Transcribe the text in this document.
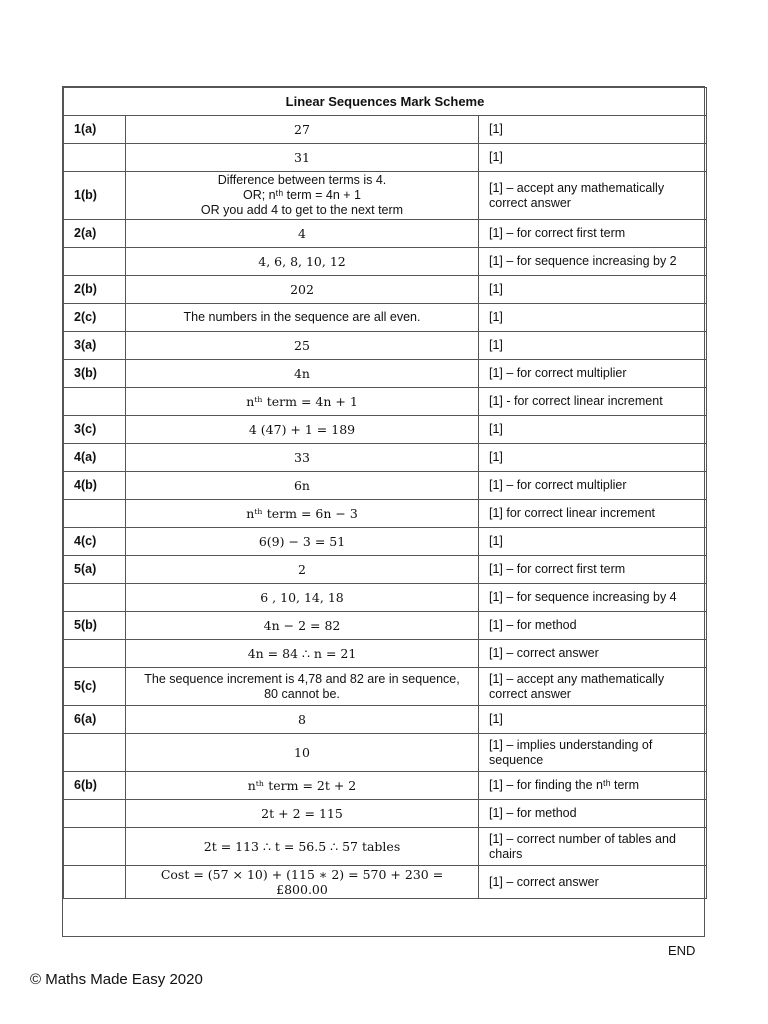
Linear Sequences Mark Scheme		
1(a)	27	[1]
	31	[1]
1(b)	Difference between terms is 4.
OR; nᵗʰ term = 4n + 1
OR you add 4 to get to the next term	[1] – accept any mathematically correct answer
2(a)	4	[1] – for correct first term
	4, 6, 8, 10, 12	[1] – for sequence increasing by 2
2(b)	202	[1]
2(c)	The numbers in the sequence are all even.	[1]
3(a)	25	[1]
3(b)	4n	[1] – for correct multiplier
	nᵗʰ term = 4n + 1	[1] - for correct linear increment
3(c)	4 (47) + 1 = 189	[1]
4(a)	33	[1]
4(b)	6n	[1] – for correct multiplier
	nᵗʰ term = 6n − 3	[1] for correct linear increment
4(c)	6(9) − 3 = 51	[1]
5(a)	2	[1] – for correct first term
	6 , 10, 14, 18	[1] – for sequence increasing by 4
5(b)	4n − 2 = 82	[1] – for method
	4n = 84 ∴ n = 21	[1] – correct answer
5(c)	The sequence increment is 4,78 and 82 are in sequence, 80 cannot be.	[1] – accept any mathematically correct answer
6(a)	8	[1]
	10	[1] – implies understanding of sequence
6(b)	nᵗʰ term = 2t + 2	[1] – for finding the nᵗʰ term
	2t + 2 = 115	[1] – for method
	2t = 113 ∴ t = 56.5 ∴ 57 tables	[1] – correct number of tables and chairs
	Cost = (57 × 10) + (115 ∗ 2) = 570 + 230 = £800.00	[1] – correct answer
END
© Maths Made Easy 2020
